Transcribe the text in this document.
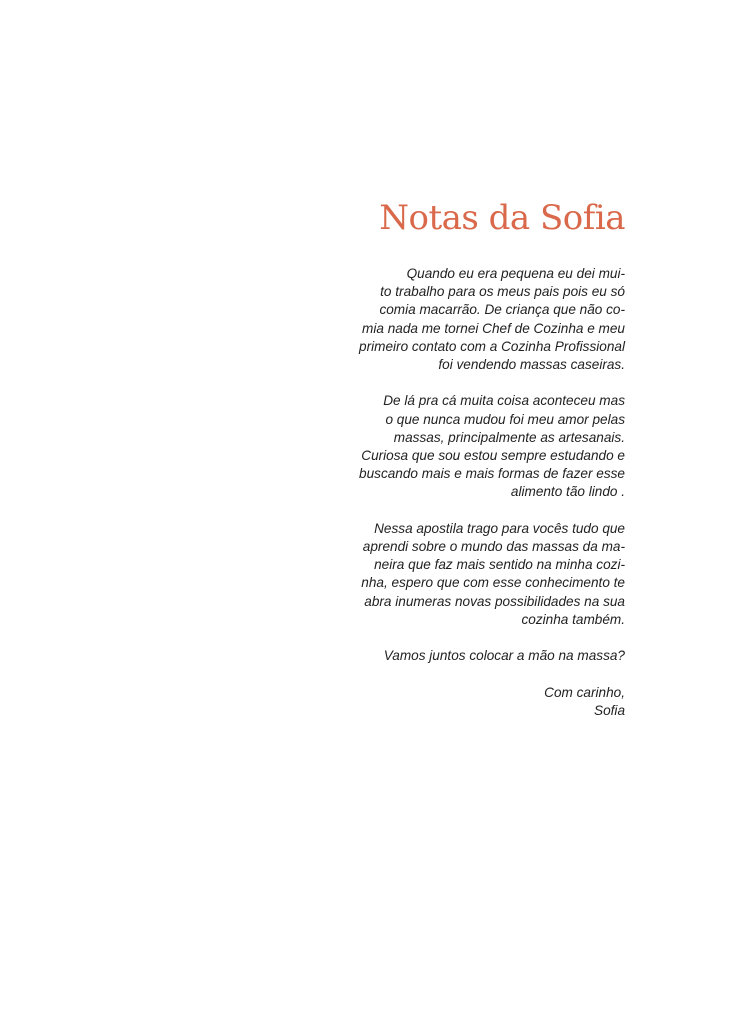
Notas da Sofia

Quando eu era pequena eu dei mui-
to trabalho para os meus pais pois eu só
comia macarrão. De criança que não co-
mia nada me tornei Chef de Cozinha e meu
primeiro contato com a Cozinha Profissional
foi vendendo massas caseiras.

De lá pra cá muita coisa aconteceu mas
o que nunca mudou foi meu amor pelas
massas, principalmente as artesanais.
Curiosa que sou estou sempre estudando e
buscando mais e mais formas de fazer esse
alimento tão lindo .

Nessa apostila trago para vocês tudo que
aprendi sobre o mundo das massas da ma-
neira que faz mais sentido na minha cozi-
nha, espero que com esse conhecimento te
abra inumeras novas possibilidades na sua
cozinha também.

Vamos juntos colocar a mão na massa?

Com carinho,
Sofia
